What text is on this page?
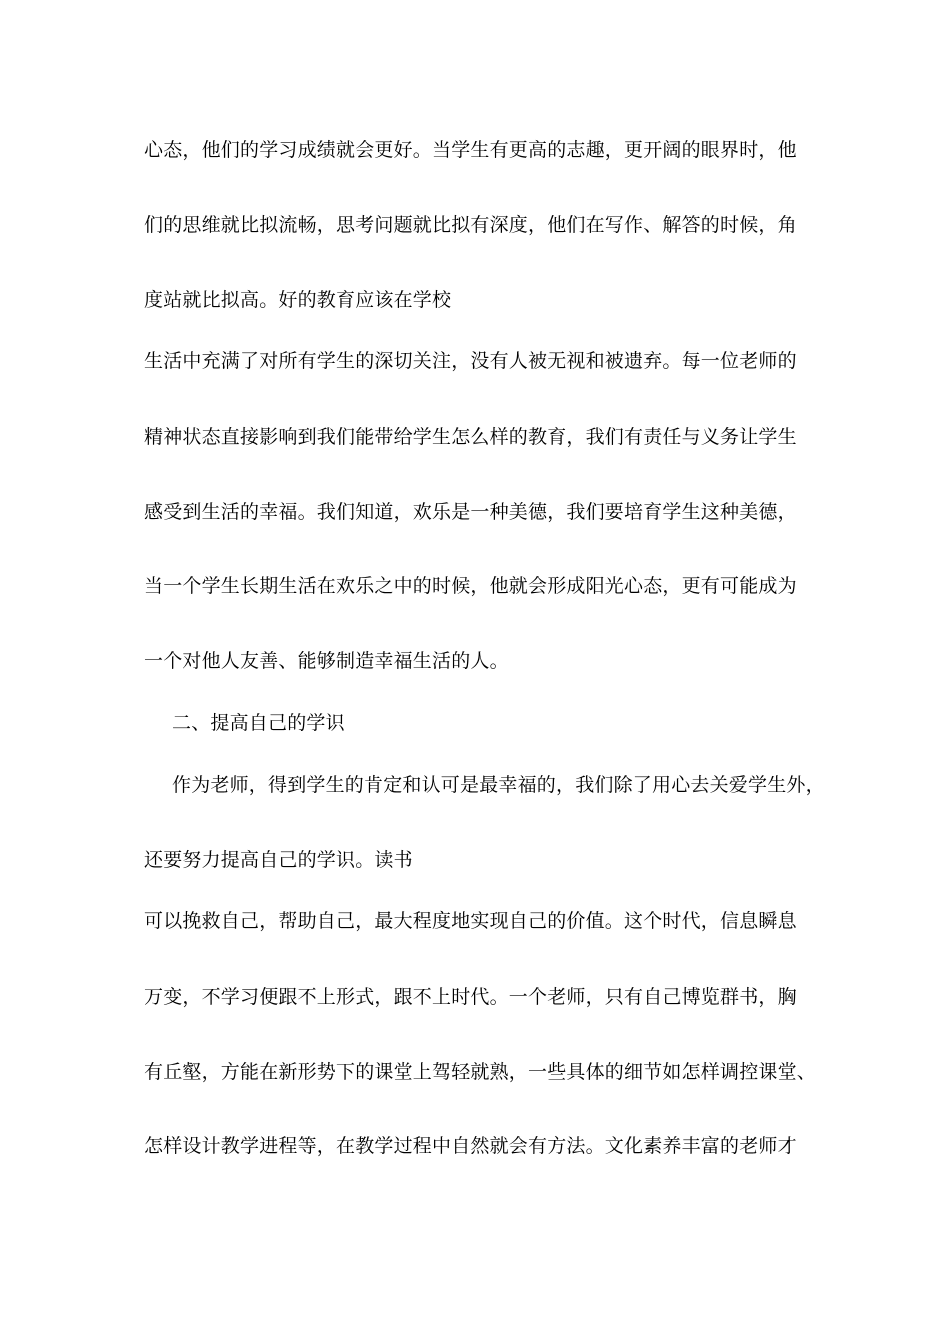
心态，他们的学习成绩就会更好。当学生有更高的志趣，更开阔的眼界时，他
们的思维就比拟流畅，思考问题就比拟有深度，他们在写作、解答的时候，角
度站就比拟高。好的教育应该在学校
生活中充满了对所有学生的深切关注，没有人被无视和被遗弃。每一位老师的
精神状态直接影响到我们能带给学生怎么样的教育，我们有责任与义务让学生
感受到生活的幸福。我们知道，欢乐是一种美德，我们要培育学生这种美德，
当一个学生长期生活在欢乐之中的时候，他就会形成阳光心态，更有可能成为
一个对他人友善、能够制造幸福生活的人。
二、提高自己的学识
作为老师，得到学生的肯定和认可是最幸福的，我们除了用心去关爱学生外，
还要努力提高自己的学识。读书
可以挽救自己，帮助自己，最大程度地实现自己的价值。这个时代，信息瞬息
万变，不学习便跟不上形式，跟不上时代。一个老师，只有自己博览群书，胸
有丘壑，方能在新形势下的课堂上驾轻就熟，一些具体的细节如怎样调控课堂、
怎样设计教学进程等，在教学过程中自然就会有方法。文化素养丰富的老师才
